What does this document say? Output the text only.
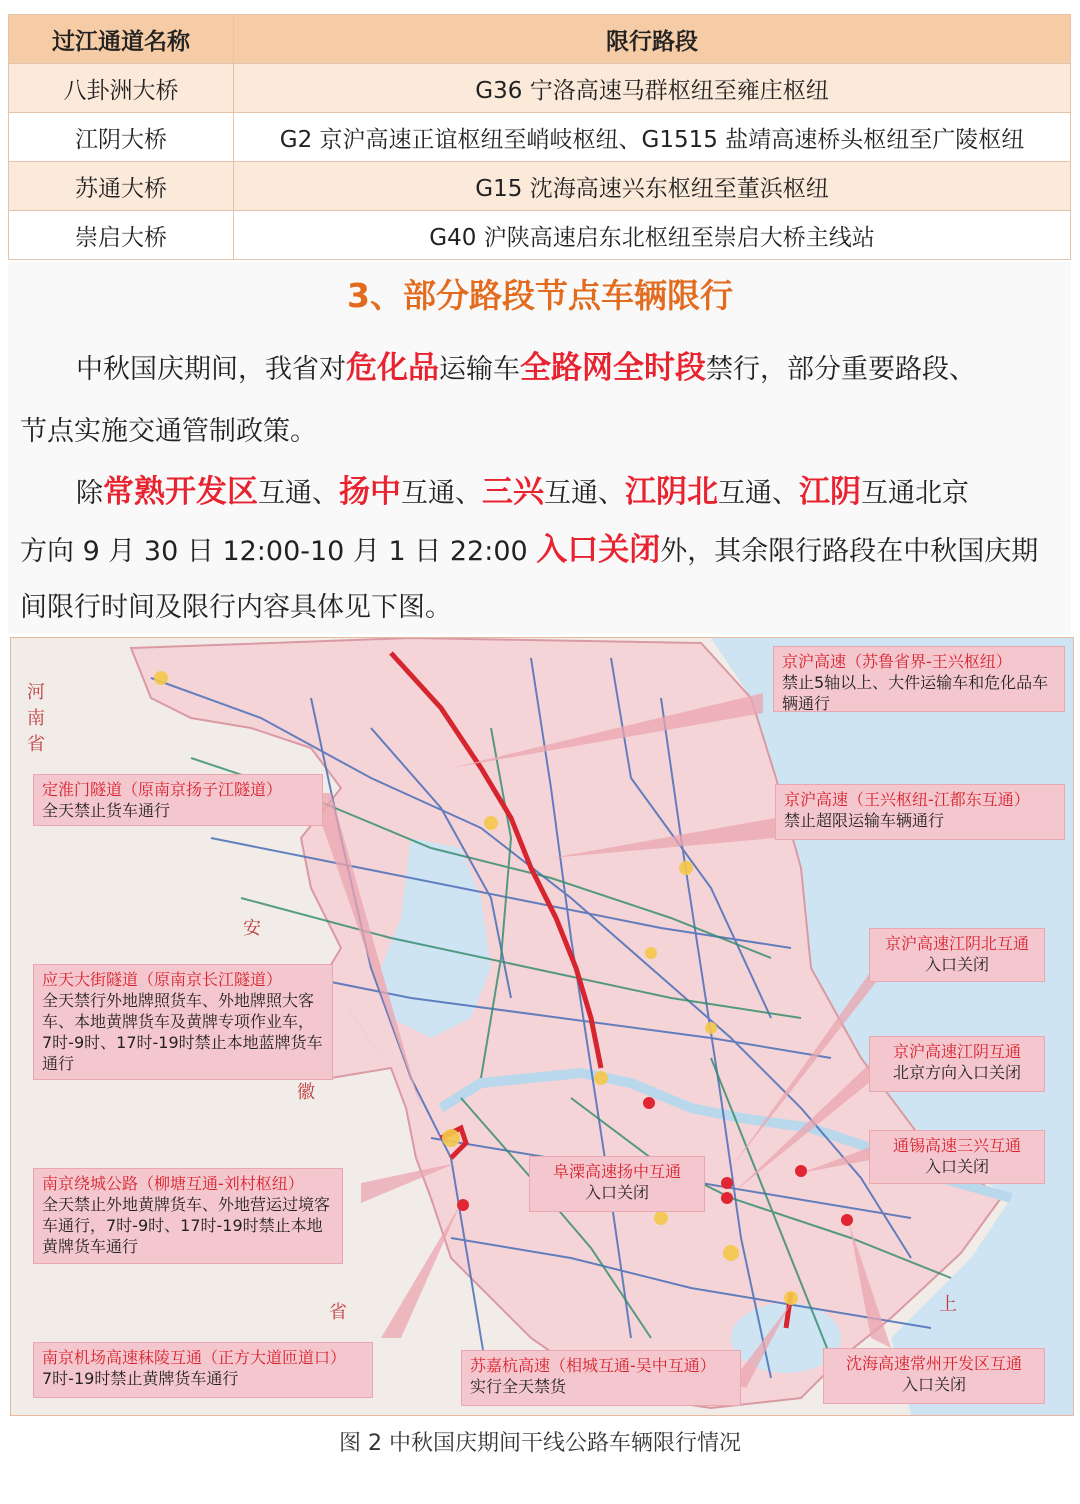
过江通道名称	限行路段
八卦洲大桥	G36 宁洛高速马群枢纽至雍庄枢纽
江阴大桥	G2 京沪高速正谊枢纽至峭岐枢纽、G1515 盐靖高速桥头枢纽至广陵枢纽
苏通大桥	G15 沈海高速兴东枢纽至董浜枢纽
崇启大桥	G40 沪陕高速启东北枢纽至崇启大桥主线站
3、部分路段节点车辆限行
中秋国庆期间，我省对危化品运输车全路网全时段禁行，部分重要路段、
节点实施交通管制政策。
除常熟开发区互通、扬中互通、三兴互通、江阴北互通、江阴互通北京
方向 9 月 30 日 12:00-10 月 1 日 22:00 入口关闭外，其余限行路段在中秋国庆期
间限行时间及限行内容具体见下图。
河
南
省
安
徽
省	上
京沪高速（苏鲁省界-王兴枢纽）
禁止5轴以上、大件运输车和危化品车辆通行
定淮门隧道（原南京扬子江隧道）
全天禁止货车通行
京沪高速（王兴枢纽-江都东互通）
禁止超限运输车辆通行
京沪高速江阴北互通
入口关闭
应天大街隧道（原南京长江隧道）
全天禁行外地牌照货车、外地牌照大客车、本地黄牌货车及黄牌专项作业车，7时-9时、17时-19时禁止本地蓝牌货车通行
京沪高速江阴互通
北京方向入口关闭
通锡高速三兴互通
入口关闭
阜溧高速扬中互通
入口关闭
南京绕城公路（柳塘互通-刘村枢纽）
全天禁止外地黄牌货车、外地营运过境客车通行，7时-9时、17时-19时禁止本地黄牌货车通行
南京机场高速秣陵互通（正方大道匝道口）
7时-19时禁止黄牌货车通行
苏嘉杭高速（相城互通-吴中互通）
实行全天禁货
沈海高速常州开发区互通
入口关闭
图 2 中秋国庆期间干线公路车辆限行情况
